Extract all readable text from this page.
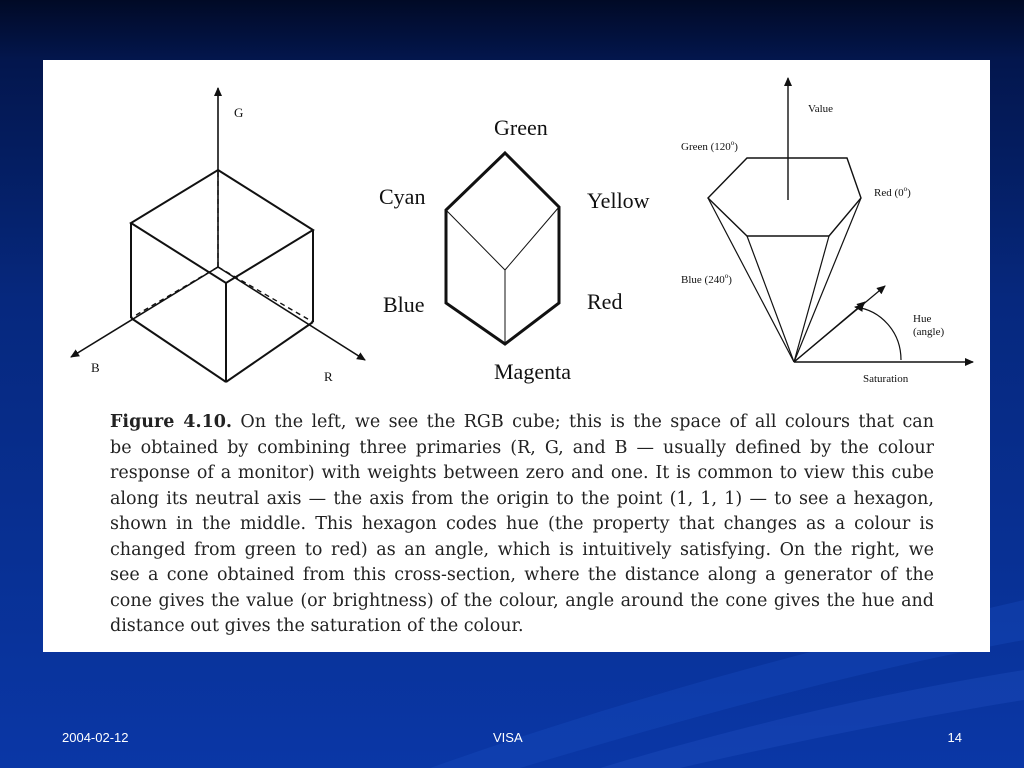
G
B
R
Green
Cyan	Yellow
Blue	Red
Magenta
Value
Green (120$^o$)
Red (0$^o$)
Blue (240$^o$)
Hue
(angle)
Saturation
Figure 4.10. On the left, we see the RGB cube; this is the space of all colours that can
be obtained by combining three primaries (R, G, and B — usually defined by the colour
response of a monitor) with weights between zero and one. It is common to view this cube
along its neutral axis — the axis from the origin to the point (1, 1, 1) — to see a hexagon,
shown in the middle. This hexagon codes hue (the property that changes as a colour is
changed from green to red) as an angle, which is intuitively satisfying. On the right, we
see a cone obtained from this cross-section, where the distance along a generator of the
cone gives the value (or brightness) of the colour, angle around the cone gives the hue and
distance out gives the saturation of the colour.
2004-02-12	VISA	14
